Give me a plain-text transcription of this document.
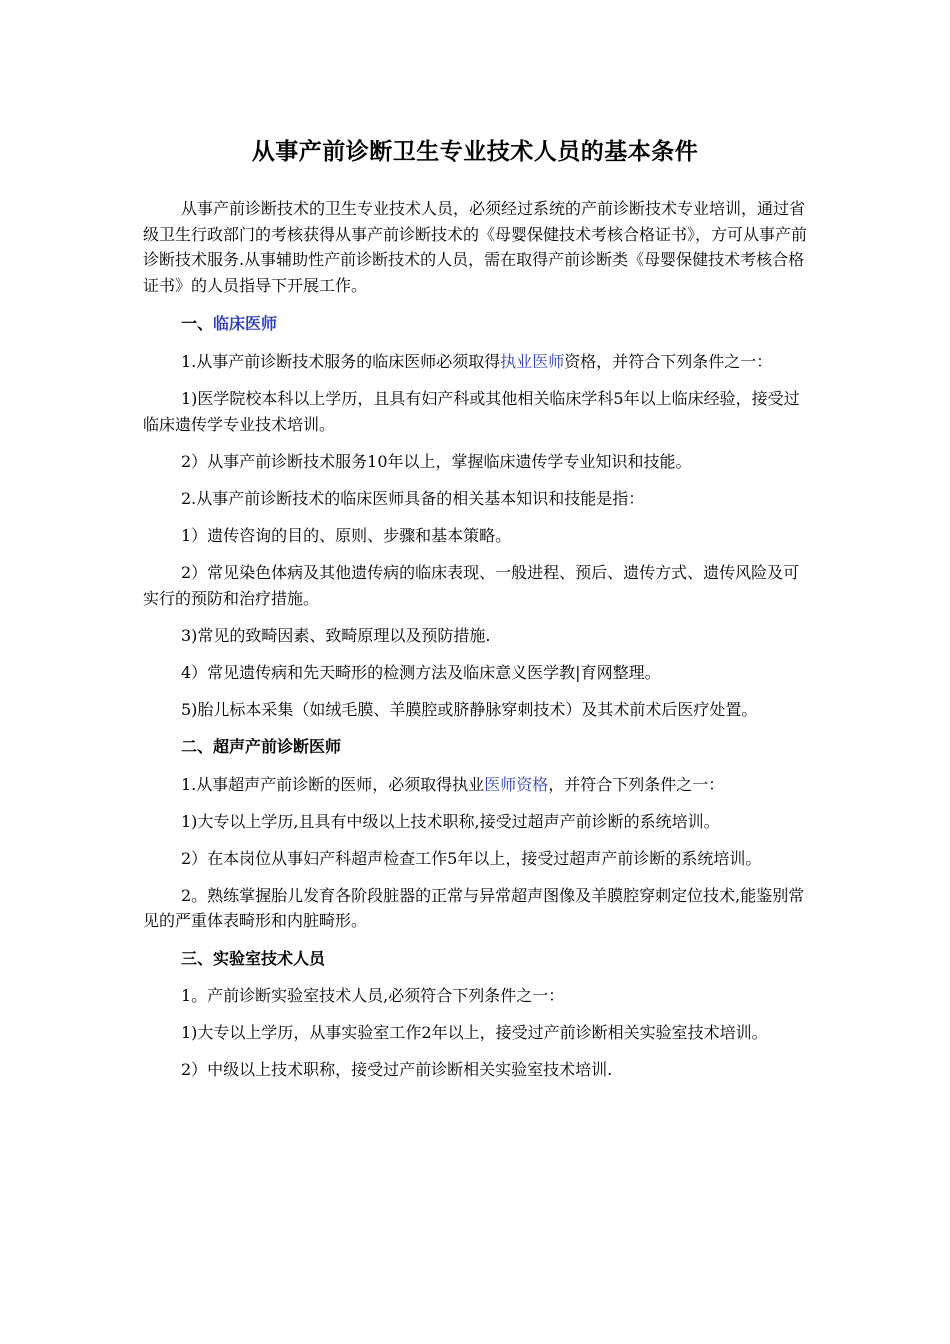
从事产前诊断卫生专业技术人员的基本条件

从事产前诊断技术的卫生专业技术人员，必须经过系统的产前诊断技术专业培训，通过省级卫生行政部门的考核获得从事产前诊断技术的《母婴保健技术考核合格证书》，方可从事产前诊断技术服务.从事辅助性产前诊断技术的人员，需在取得产前诊断类《母婴保健技术考核合格证书》的人员指导下开展工作。

一、临床医师

1.从事产前诊断技术服务的临床医师必须取得执业医师资格，并符合下列条件之一：

1)医学院校本科以上学历，且具有妇产科或其他相关临床学科5年以上临床经验，接受过临床遗传学专业技术培训。

2）从事产前诊断技术服务10年以上，掌握临床遗传学专业知识和技能。

2.从事产前诊断技术的临床医师具备的相关基本知识和技能是指：

1）遗传咨询的目的、原则、步骤和基本策略。

2）常见染色体病及其他遗传病的临床表现、一般进程、预后、遗传方式、遗传风险及可实行的预防和治疗措施。

3)常见的致畸因素、致畸原理以及预防措施.

4）常见遗传病和先天畸形的检测方法及临床意义医学教|育网整理。

5)胎儿标本采集（如绒毛膜、羊膜腔或脐静脉穿刺技术）及其术前术后医疗处置。

二、超声产前诊断医师

1.从事超声产前诊断的医师，必须取得执业医师资格，并符合下列条件之一：

1)大专以上学历,且具有中级以上技术职称,接受过超声产前诊断的系统培训。

2）在本岗位从事妇产科超声检查工作5年以上，接受过超声产前诊断的系统培训。

2。熟练掌握胎儿发育各阶段脏器的正常与异常超声图像及羊膜腔穿刺定位技术,能鉴别常见的严重体表畸形和内脏畸形。

三、实验室技术人员

1。产前诊断实验室技术人员,必须符合下列条件之一：

1)大专以上学历，从事实验室工作2年以上，接受过产前诊断相关实验室技术培训。

2）中级以上技术职称，接受过产前诊断相关实验室技术培训.
